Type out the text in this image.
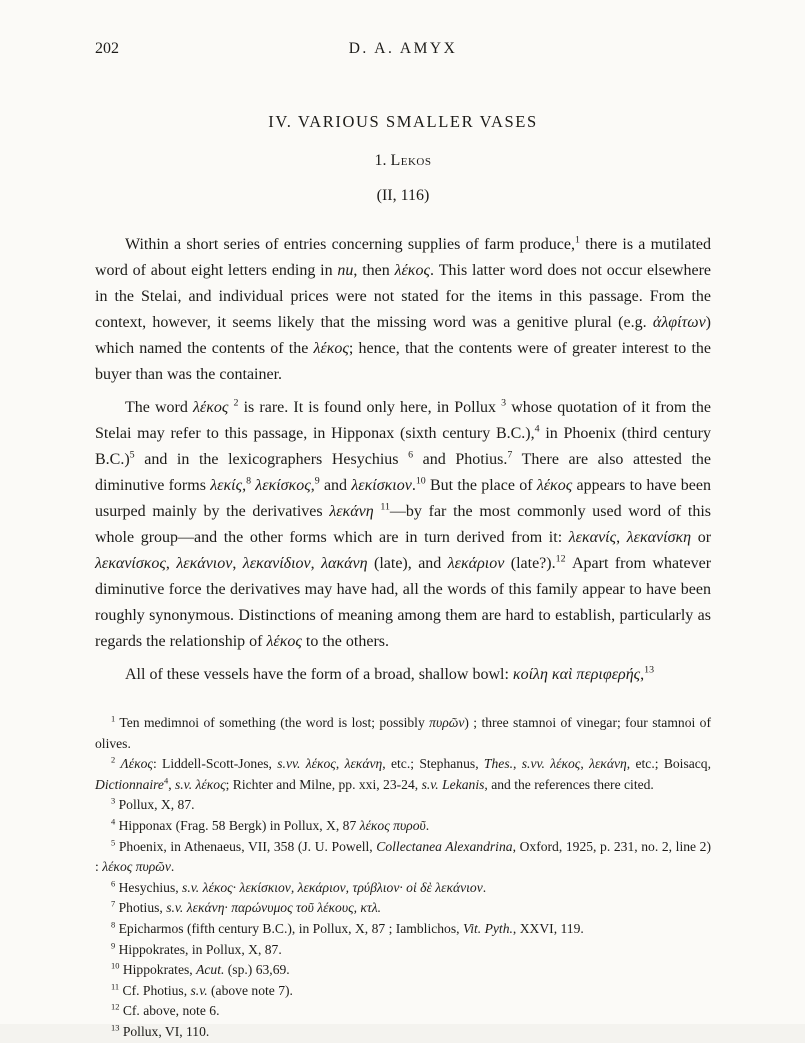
202	D. A. AMYX
IV. VARIOUS SMALLER VASES
1. Lekos
(II, 116)

Within a short series of entries concerning supplies of farm produce,$^1$ there is a mutilated word of about eight letters ending in nu, then λέκος. This latter word does not occur elsewhere in the Stelai, and individual prices were not stated for the items in this passage. From the context, however, it seems likely that the missing word was a genitive plural (e.g. ἀλφίτων) which named the contents of the λέκος; hence, that the contents were of greater interest to the buyer than was the container.

The word λέκος $^2$ is rare. It is found only here, in Pollux $^3$ whose quotation of it from the Stelai may refer to this passage, in Hipponax (sixth century B.C.),$^4$ in Phoenix (third century B.C.)$^5$ and in the lexicographers Hesychius $^6$ and Photius.$^7$ There are also attested the diminutive forms λεκίς,$^8$ λεκίσκος,$^9$ and λεκίσκιον.$^{10}$ But the place of λέκος appears to have been usurped mainly by the derivatives λεκάνη $^{11}$—by far the most commonly used word of this whole group—and the other forms which are in turn derived from it: λεκανίς, λεκανίσκη or λεκανίσκος, λεκάνιον, λεκανίδιον, λακάνη (late), and λεκάριον (late?).$^{12}$ Apart from whatever diminutive force the derivatives may have had, all the words of this family appear to have been roughly synonymous. Distinctions of meaning among them are hard to establish, particularly as regards the relationship of λέκος to the others.

All of these vessels have the form of a broad, shallow bowl: κοίλη καὶ περιφερής,$^{13}$

$^1$ Ten medimnoi of something (the word is lost; possibly πυρῶν) ; three stamnoi of vinegar; four stamnoi of olives.

$^2$ Λέκος: Liddell-Scott-Jones, s.vv. λέκος, λεκάνη, etc.; Stephanus, Thes., s.vv. λέκος, λεκάνη, etc.; Boisacq, Dictionnaire$^4$, s.v. λέκος; Richter and Milne, pp. xxi, 23-24, s.v. Lekanis, and the references there cited.

$^3$ Pollux, X, 87.

$^4$ Hipponax (Frag. 58 Bergk) in Pollux, X, 87 λέκος πυροῦ.

$^5$ Phoenix, in Athenaeus, VII, 358 (J. U. Powell, Collectanea Alexandrina, Oxford, 1925, p. 231, no. 2, line 2) : λέκος πυρῶν.

$^6$ Hesychius, s.v. λέκος· λεκίσκιον, λεκάριον, τρύβλιον· οἱ δὲ λεκάνιον.

$^7$ Photius, s.v. λεκάνη· παρώνυμος τοῦ λέκους, κτλ.

$^8$ Epicharmos (fifth century B.C.), in Pollux, X, 87 ; Iamblichos, Vit. Pyth., XXVI, 119.

$^9$ Hippokrates, in Pollux, X, 87.

$^{10}$ Hippokrates, Acut. (sp.) 63,69.

$^{11}$ Cf. Photius, s.v. (above note 7).

$^{12}$ Cf. above, note 6.

$^{13}$ Pollux, VI, 110.
